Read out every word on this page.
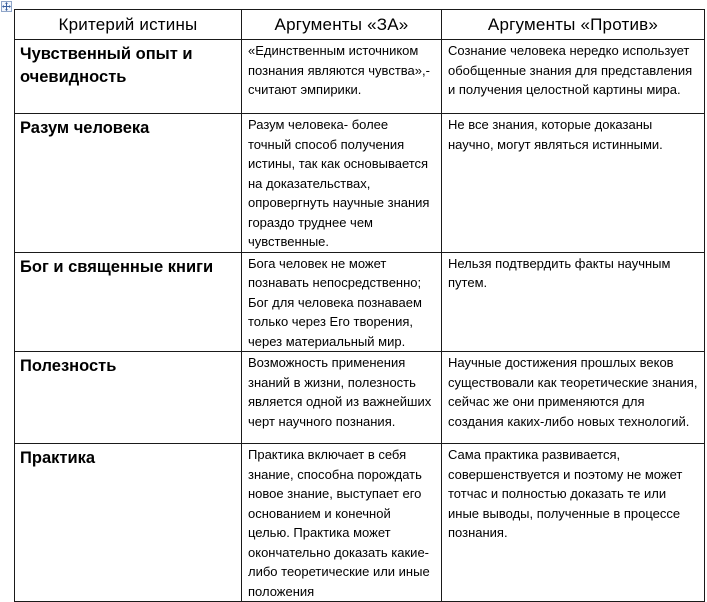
Критерий истины	Аргументы «ЗА»	Аргументы «Против»
Чувственный опыт и очевидность	«Единственным источником познания являются чувства»,- считают эмпирики.	Сознание человека нередко использует обобщенные знания для представления и получения целостной картины мира.
Разум человека	Разум человека- более точный способ получения истины, так как основывается на доказательствах, опровергнуть научные знания гораздо труднее чем чувственные.	Не все знания, которые доказаны научно, могут являться истинными.
Бог и священные книги	Бога человек не может познавать непосредственно; Бог для человека познаваем только через Его творения, через материальный мир.	Нельзя подтвердить факты научным путем.
Полезность	Возможность применения знаний в жизни, полезность является одной из важнейших черт научного познания.	Научные достижения прошлых веков существовали как теоретические знания, сейчас же они применяются для создания каких-либо новых технологий.
Практика	Практика включает в себя знание, способна порождать новое знание, выступает его основанием и конечной целью. Практика может окончательно доказать какие-либо теоретические или иные положения	Сама практика развивается, совершенствуется и поэтому не может тотчас и полностью доказать те или иные выводы, полученные в процессе познания.
